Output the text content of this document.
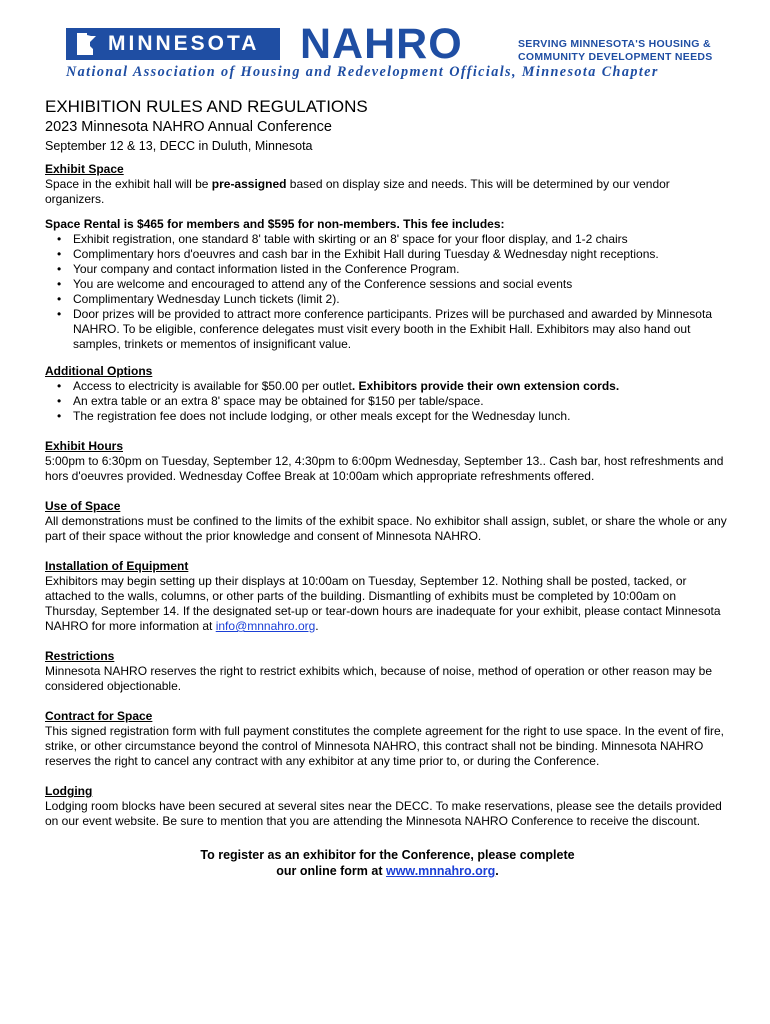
MINNESOTA NAHRO	SERVING MINNESOTA'S HOUSING &
COMMUNITY DEVELOPMENT NEEDS
National Association of Housing and Redevelopment Officials, Minnesota Chapter
EXHIBITION RULES AND REGULATIONS
2023 Minnesota NAHRO Annual Conference
September 12 & 13, DECC in Duluth, Minnesota
Exhibit Space

Space in the exhibit hall will be pre-assigned based on display size and needs. This will be determined by our vendor organizers.

Space Rental is $465 for members and $595 for non-members. This fee includes:
• Exhibit registration, one standard 8' table with skirting or an 8' space for your floor display, and 1-2 chairs
• Complimentary hors d'oeuvres and cash bar in the Exhibit Hall during Tuesday & Wednesday night receptions.
• Your company and contact information listed in the Conference Program.
• You are welcome and encouraged to attend any of the Conference sessions and social events
• Complimentary Wednesday Lunch tickets (limit 2).
• Door prizes will be provided to attract more conference participants. Prizes will be purchased and awarded by Minnesota NAHRO. To be eligible, conference delegates must visit every booth in the Exhibit Hall. Exhibitors may also hand out samples, trinkets or mementos of insignificant value.
Additional Options
• Access to electricity is available for $50.00 per outlet. Exhibitors provide their own extension cords.
• An extra table or an extra 8' space may be obtained for $150 per table/space.
• The registration fee does not include lodging, or other meals except for the Wednesday lunch.
Exhibit Hours

5:00pm to 6:30pm on Tuesday, September 12, 4:30pm to 6:00pm Wednesday, September 13.. Cash bar, host refreshments and hors d'oeuvres provided. Wednesday Coffee Break at 10:00am which appropriate refreshments offered.

Use of Space

All demonstrations must be confined to the limits of the exhibit space. No exhibitor shall assign, sublet, or share the whole or any part of their space without the prior knowledge and consent of Minnesota NAHRO.

Installation of Equipment

Exhibitors may begin setting up their displays at 10:00am on Tuesday, September 12. Nothing shall be posted, tacked, or attached to the walls, columns, or other parts of the building. Dismantling of exhibits must be completed by 10:00am on Thursday, September 14. If the designated set-up or tear-down hours are inadequate for your exhibit, please contact Minnesota NAHRO for more information at info@mnnahro.org.

Restrictions

Minnesota NAHRO reserves the right to restrict exhibits which, because of noise, method of operation or other reason may be considered objectionable.

Contract for Space

This signed registration form with full payment constitutes the complete agreement for the right to use space. In the event of fire, strike, or other circumstance beyond the control of Minnesota NAHRO, this contract shall not be binding. Minnesota NAHRO reserves the right to cancel any contract with any exhibitor at any time prior to, or during the Conference.

Lodging

Lodging room blocks have been secured at several sites near the DECC. To make reservations, please see the details provided on our event website. Be sure to mention that you are attending the Minnesota NAHRO Conference to receive the discount.

To register as an exhibitor for the Conference, please complete
our online form at www.mnnahro.org.
